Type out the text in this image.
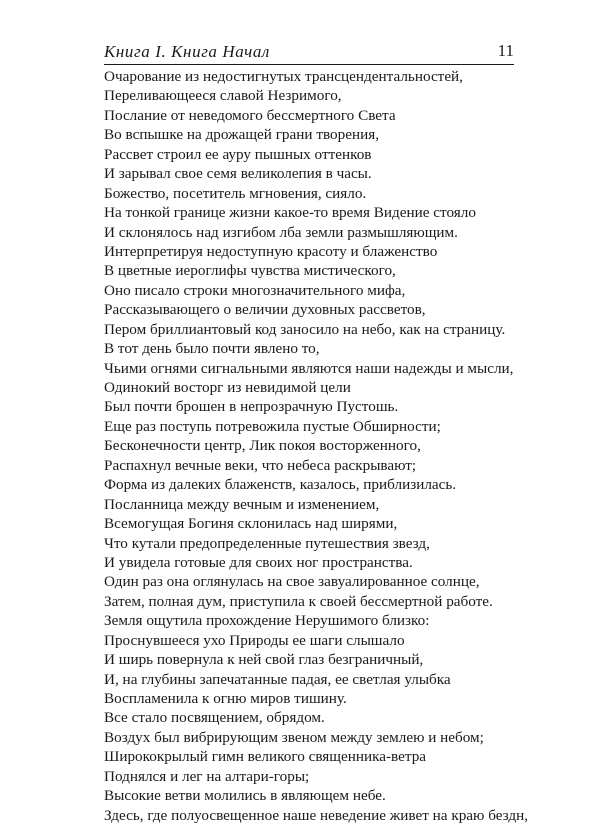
Книга I. Книга Начал	11
Очарование из недостигнутых трансцендентальностей,
Переливающееся славой Незримого,
Послание от неведомого бессмертного Света
Во вспышке на дрожащей грани творения,
Рассвет строил ее ауру пышных оттенков
И зарывал свое семя великолепия в часы.
Божество, посетитель мгновения, сияло.
На тонкой границе жизни какое-то время Видение стояло
И склонялось над изгибом лба земли размышляющим.
Интерпретируя недоступную красоту и блаженство
В цветные иероглифы чувства мистического,
Оно писало строки многозначительного мифа,
Рассказывающего о величии духовных рассветов,
Пером бриллиантовый код заносило на небо, как на страницу.
В тот день было почти явлено то,
Чьими огнями сигнальными являются наши надежды и мысли,
Одинокий восторг из невидимой цели
Был почти брошен в непрозрачную Пустошь.
Еще раз поступь потревожила пустые Обширности;
Бесконечности центр, Лик покоя восторженного,
Распахнул вечные веки, что небеса раскрывают;
Форма из далеких блаженств, казалось, приблизилась.
Посланница между вечным и изменением,
Всемогущая Богиня склонилась над ширями,
Что кутали предопределенные путешествия звезд,
И увидела готовые для своих ног пространства.
Один раз она оглянулась на свое завуалированное солнце,
Затем, полная дум, приступила к своей бессмертной работе.
Земля ощутила прохождение Нерушимого близко:
Проснувшееся ухо Природы ее шаги слышало
И ширь повернула к ней свой глаз безграничный,
И, на глубины запечатанные падая, ее светлая улыбка
Воспламенила к огню миров тишину.
Все стало посвящением, обрядом.
Воздух был вибрирующим звеном между землею и небом;
Ширококрылый гимн великого священника-ветра
Поднялся и лег на алтари-горы;
Высокие ветви молились в являющем небе.
Здесь, где полуосвещенное наше неведение живет на краю бездн,
